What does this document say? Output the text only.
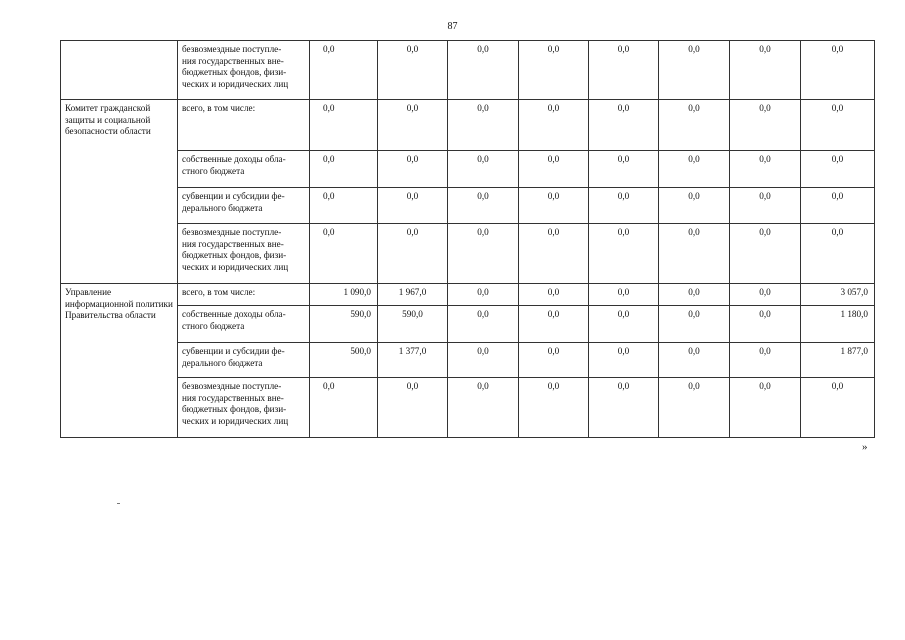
87
	безвозмездные поступле-
ния государственных вне-
бюджетных фондов, физи-
ческих и юридических лиц	0,0	0,0	0,0	0,0	0,0	0,0	0,0	0,0
Комитет гражданской защиты и социальной безопасности области	всего, в том числе:	0,0	0,0	0,0	0,0	0,0	0,0	0,0	0,0
	собственные доходы обла-
стного бюджета	0,0	0,0	0,0	0,0	0,0	0,0	0,0	0,0
	субвенции и субсидии фе-
дерального бюджета	0,0	0,0	0,0	0,0	0,0	0,0	0,0	0,0
	безвозмездные поступле-
ния государственных вне-
бюджетных фондов, физи-
ческих и юридических лиц	0,0	0,0	0,0	0,0	0,0	0,0	0,0	0,0
Управление информационной политики Правительства области	всего, в том числе:	1 090,0	1 967,0	0,0	0,0	0,0	0,0	0,0	3 057,0
	собственные доходы обла-
стного бюджета	590,0	590,0	0,0	0,0	0,0	0,0	0,0	1 180,0
	субвенции и субсидии фе-
дерального бюджета	500,0	1 377,0	0,0	0,0	0,0	0,0	0,0	1 877,0
	безвозмездные поступле-
ния государственных вне-
бюджетных фондов, физи-
ческих и юридических лиц	0,0	0,0	0,0	0,0	0,0	0,0	0,0	0,0
»
